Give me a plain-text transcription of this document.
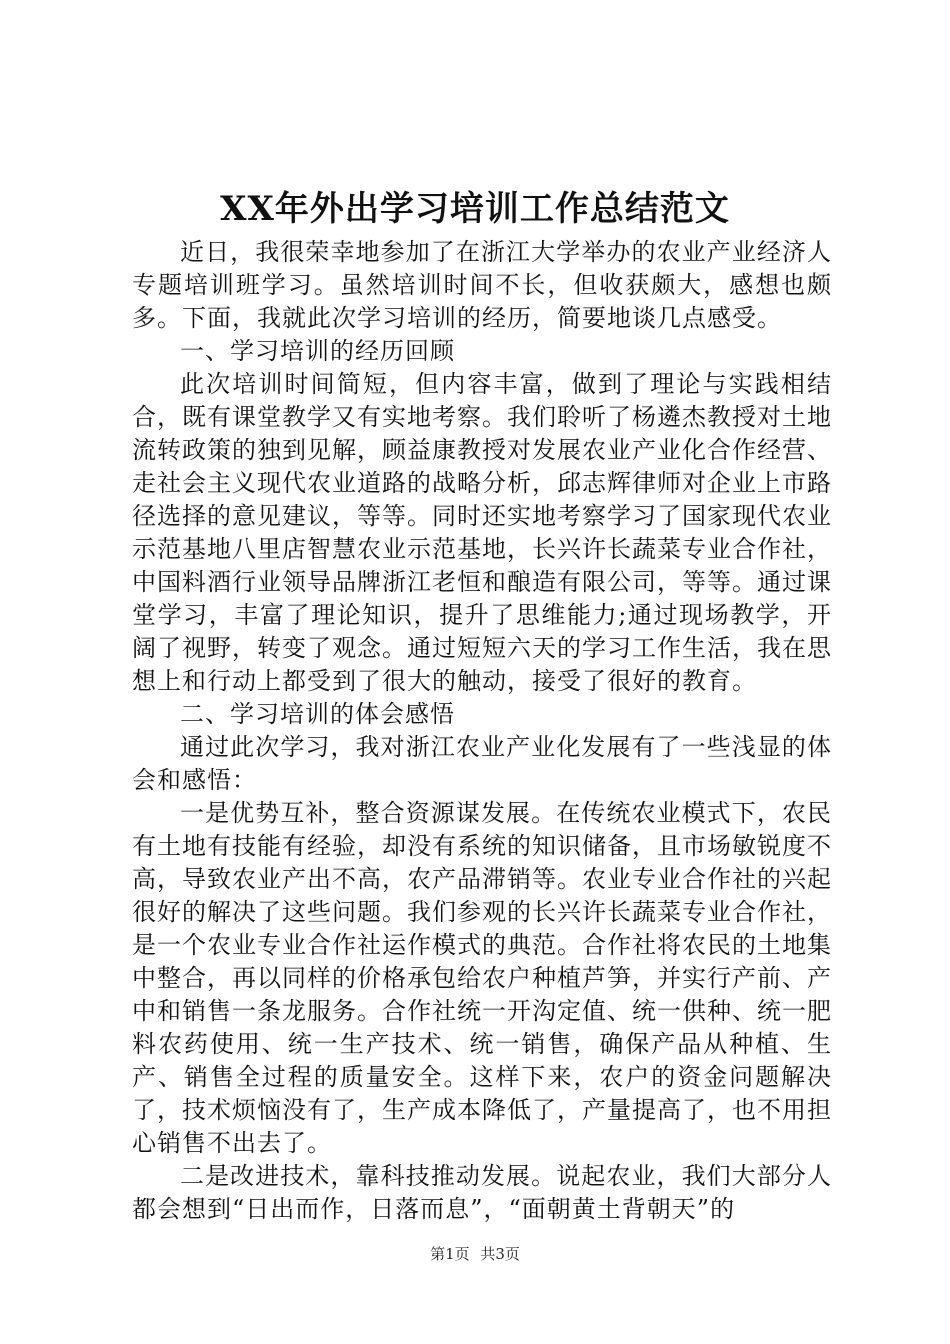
XX年外出学习培训工作总结范文

近日，我很荣幸地参加了在浙江大学举办的农业产业经济人专题培训班学习。虽然培训时间不长，但收获颇大，感想也颇多。下面，我就此次学习培训的经历，简要地谈几点感受。

一、学习培训的经历回顾

此次培训时间简短，但内容丰富，做到了理论与实践相结合，既有课堂教学又有实地考察。我们聆听了杨遴杰教授对土地流转政策的独到见解，顾益康教授对发展农业产业化合作经营、走社会主义现代农业道路的战略分析，邱志辉律师对企业上市路径选择的意见建议，等等。同时还实地考察学习了国家现代农业示范基地八里店智慧农业示范基地，长兴许长蔬菜专业合作社，中国料酒行业领导品牌浙江老恒和酿造有限公司，等等。通过课堂学习，丰富了理论知识，提升了思维能力;通过现场教学，开阔了视野，转变了观念。通过短短六天的学习工作生活，我在思想上和行动上都受到了很大的触动，接受了很好的教育。

二、学习培训的体会感悟

通过此次学习，我对浙江农业产业化发展有了一些浅显的体会和感悟：

一是优势互补，整合资源谋发展。在传统农业模式下，农民有土地有技能有经验，却没有系统的知识储备，且市场敏锐度不高，导致农业产出不高，农产品滞销等。农业专业合作社的兴起很好的解决了这些问题。我们参观的长兴许长蔬菜专业合作社，是一个农业专业合作社运作模式的典范。合作社将农民的土地集中整合，再以同样的价格承包给农户种植芦笋，并实行产前、产中和销售一条龙服务。合作社统一开沟定值、统一供种、统一肥料农药使用、统一生产技术、统一销售，确保产品从种植、生产、销售全过程的质量安全。这样下来，农户的资金问题解决了，技术烦恼没有了，生产成本降低了，产量提高了，也不用担心销售不出去了。

二是改进技术，靠科技推动发展。说起农业，我们大部分人都会想到“日出而作，日落而息”，“面朝黄土背朝天”的

第1页 共3页
